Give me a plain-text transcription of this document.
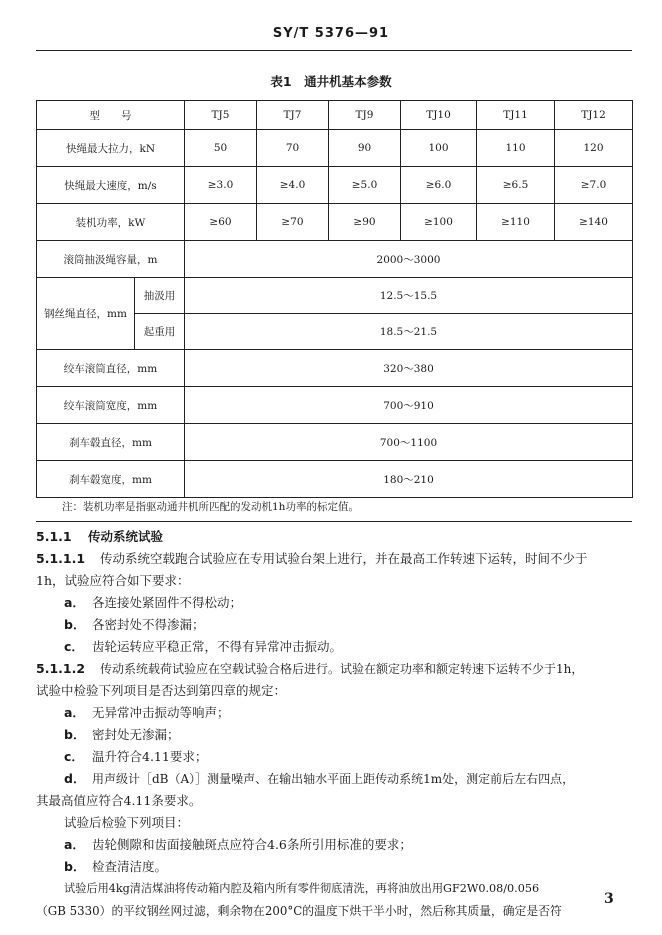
SY/T 5376—91
表1　通井机基本参数
型　　号		TJ5	TJ7	TJ9	TJ10	TJ11	TJ12
快绳最大拉力，kN		50	70	90	100	110	120
快绳最大速度，m/s		≥3.0	≥4.0	≥5.0	≥6.0	≥6.5	≥7.0
装机功率，kW		≥60	≥70	≥90	≥100	≥110	≥140
滚筒抽汲绳容量，m		2000～3000					
钢丝绳直径，mm	抽汲用	12.5～15.5					
	起重用	18.5～21.5					
绞车滚筒直径，mm		320～380					
绞车滚筒宽度，mm		700～910					
刹车毂直径，mm		700～1100					
刹车毂宽度，mm		180～210					
注：装机功率是指驱动通井机所匹配的发动机1h功率的标定值。
5.1.1 传动系统试验
5.1.1.1 传动系统空载跑合试验应在专用试验台架上进行，并在最高工作转速下运转，时间不少于
1h，试验应符合如下要求：
a． 各连接处紧固件不得松动；
b． 各密封处不得渗漏；
c． 齿轮运转应平稳正常，不得有异常冲击振动。
5.1.1.2 传动系统载荷试验应在空载试验合格后进行。试验在额定功率和额定转速下运转不少于1h，
试验中检验下列项目是否达到第四章的规定：
a． 无异常冲击振动等响声；
b． 密封处无渗漏；
c． 温升符合4.11要求；
d． 用声级计［dB（A）］测量噪声、在输出轴水平面上距传动系统1m处，测定前后左右四点，
其最高值应符合4.11条要求。
试验后检验下列项目：
a． 齿轮侧隙和齿面接触斑点应符合4.6条所引用标准的要求；
b． 检查清洁度。
试验后用4kg清洁煤油将传动箱内腔及箱内所有零件彻底清洗，再将油放出用GF2W0.08/0.056
（GB 5330）的平纹钢丝网过滤，剩余物在200°C的温度下烘干半小时，然后称其质量，确定是否符
3
